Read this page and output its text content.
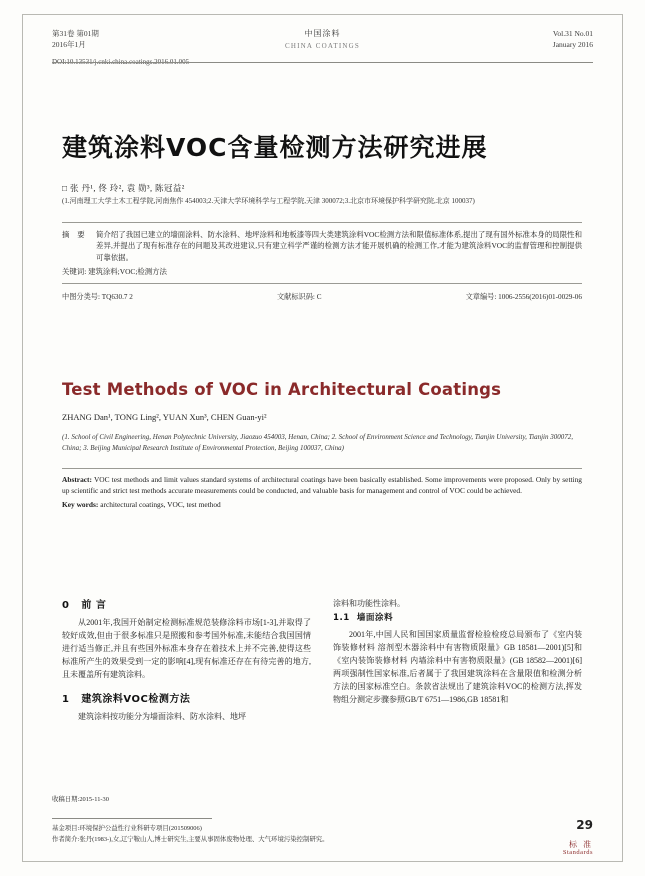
第31卷 第01期
2016年1月
中国涂料
CHINA COATINGS
Vol.31 No.01
January 2016
建筑涂料VOC含量检测方法研究进展
□ 张 丹¹, 佟 玲², 袁 勋³, 陈冠益²
(1.河南理工大学土木工程学院,河南焦作 454003;2.天津大学环境科学与工程学院,天津 300072;3.北京市环境保护科学研究院,北京 100037)
摘 要	简介绍了我国已建立的墙面涂料、防水涂料、地坪涂料和地板漆等四大类建筑涂料VOC检测方法和限值标准体系,提出了现有国外标准本身的局限性和差异,并提出了现有标准存在的问题及其改进建议,只有建立科学严谨的检测方法才能开展机确的检测工作,才能为建筑涂料VOC的监督管理和控制提供可靠依据。
关键词: 建筑涂料;VOC;检测方法
中图分类号: TQ630.7 2	文献标识码: C	文章编号: 1006-2556(2016)01-0029-06
Test Methods of VOC in Architectural Coatings
ZHANG Dan¹, TONG Ling², YUAN Xun³, CHEN Guan-yi²
(1. School of Civil Engineering, Henan Polytechnic University, Jiaozuo 454003, Henan, China; 2. School of Environment Science and Technology, Tianjin University, Tianjin 300072, China; 3. Beijing Municipal Research Institute of Environmental Protection, Beijing 100037, China)
Abstract: VOC test methods and limit values standard systems of architectural coatings have been basically established. Some improvements were proposed. Only by setting up scientific and strict test methods accurate measurements could be conducted, and valuable basis for management and control of VOC could be achieved.
Key words: architectural coatings, VOC, test method
0 前 言

从2001年,我国开始制定检测标准规范装修涂料市场[1-3],并取得了较好成效,但由于很多标准只是照搬和参考国外标准,未能结合我国国情进行适当修正,并且有些国外标准本身存在着技术上并不完善,使得这些标准所产生的效果受到一定的影响[4],现有标准还存在有待完善的地方,且未覆盖所有建筑涂料。

1 建筑涂料VOC检测方法

建筑涂料按功能分为墙面涂料、防水涂料、地坪

涂料和功能性涂料。

1.1 墙面涂料

2001年,中国人民和国国家质量监督检验检疫总局颁布了《室内装饰装修材料 溶剂型木器涂料中有害物质限量》GB 18581—2001)[5]和《室内装饰装修材料 内墙涂料中有害物质限量》(GB 18582—2001)[6]两项强制性国家标准,后者属于了我国建筑涂料在含量限值和检测分析方法的国家标准空白。条款省法规出了建筑涂料VOC的检测方法,挥发物组分测定步骤参照GB/T 6751—1986,GB 18581和

收稿日期:2015-11-30
基金项目:环境保护公益性行业科研专项目(201509006)
作者简介:张丹(1983-),女,辽宁鞍山人,博士研究生,主要从事固体废物处理、大气环境污染控制研究。
29
标 准
Standards
